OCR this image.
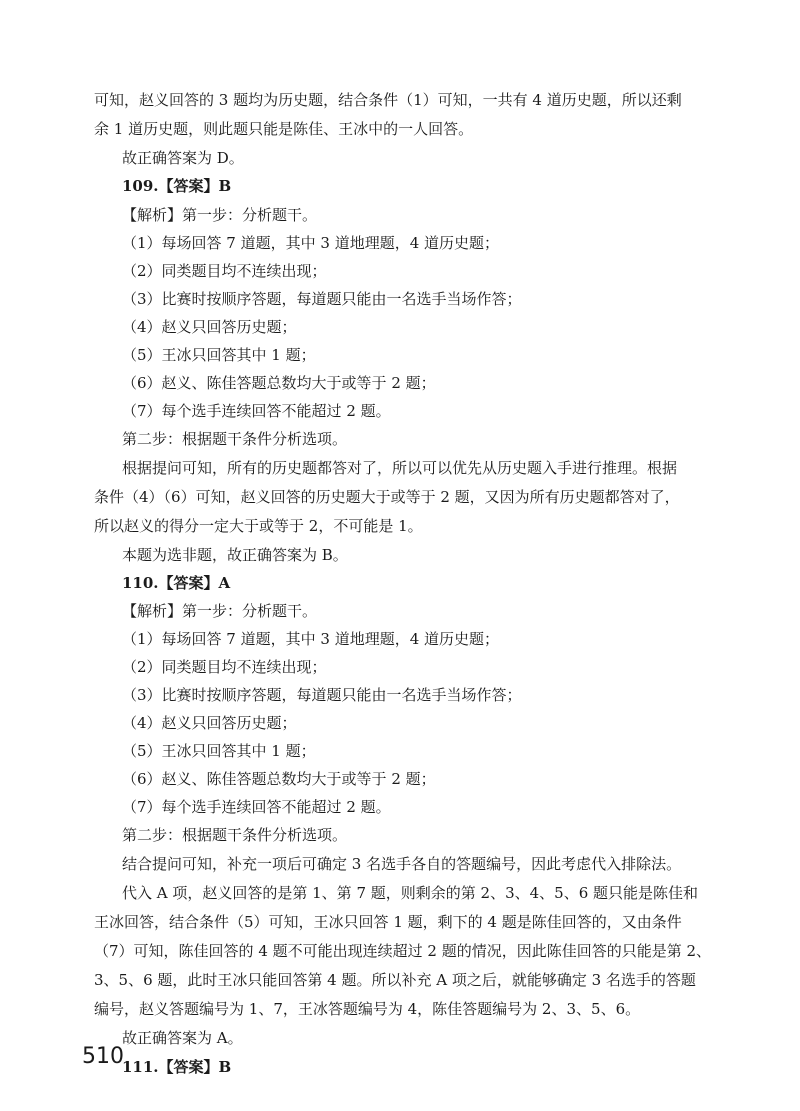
可知，赵义回答的 3 题均为历史题，结合条件（1）可知，一共有 4 道历史题，所以还剩
余 1 道历史题，则此题只能是陈佳、王冰中的一人回答。
故正确答案为 D。
109.【答案】B
【解析】第一步：分析题干。
（1）每场回答 7 道题，其中 3 道地理题，4 道历史题；
（2）同类题目均不连续出现；
（3）比赛时按顺序答题，每道题只能由一名选手当场作答；
（4）赵义只回答历史题；
（5）王冰只回答其中 1 题；
（6）赵义、陈佳答题总数均大于或等于 2 题；
（7）每个选手连续回答不能超过 2 题。
第二步：根据题干条件分析选项。
根据提问可知，所有的历史题都答对了，所以可以优先从历史题入手进行推理。根据
条件（4）（6）可知，赵义回答的历史题大于或等于 2 题，又因为所有历史题都答对了，
所以赵义的得分一定大于或等于 2，不可能是 1。
本题为选非题，故正确答案为 B。
110.【答案】A
【解析】第一步：分析题干。
（1）每场回答 7 道题，其中 3 道地理题，4 道历史题；
（2）同类题目均不连续出现；
（3）比赛时按顺序答题，每道题只能由一名选手当场作答；
（4）赵义只回答历史题；
（5）王冰只回答其中 1 题；
（6）赵义、陈佳答题总数均大于或等于 2 题；
（7）每个选手连续回答不能超过 2 题。
第二步：根据题干条件分析选项。
结合提问可知，补充一项后可确定 3 名选手各自的答题编号，因此考虑代入排除法。
代入 A 项，赵义回答的是第 1、第 7 题，则剩余的第 2、3、4、5、6 题只能是陈佳和
王冰回答，结合条件（5）可知，王冰只回答 1 题，剩下的 4 题是陈佳回答的，又由条件
（7）可知，陈佳回答的 4 题不可能出现连续超过 2 题的情况，因此陈佳回答的只能是第 2、
3、5、6 题，此时王冰只能回答第 4 题。所以补充 A 项之后，就能够确定 3 名选手的答题
编号，赵义答题编号为 1、7，王冰答题编号为 4，陈佳答题编号为 2、3、5、6。
故正确答案为 A。
111.【答案】B
510
